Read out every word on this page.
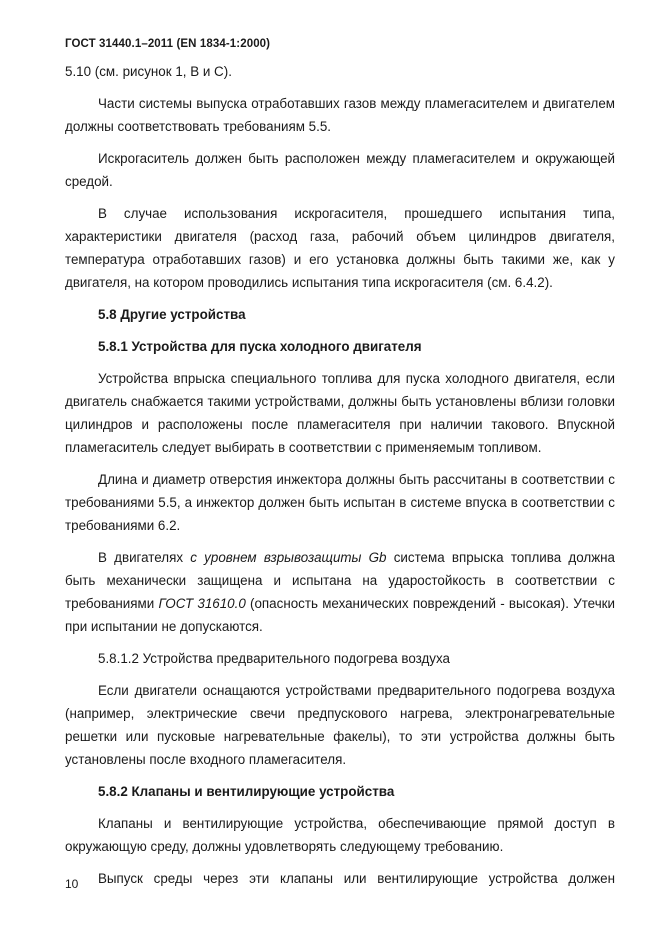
ГОСТ 31440.1–2011 (EN 1834-1:2000)

5.10 (см. рисунок 1, B и C).

Части системы выпуска отработавших газов между пламегасителем и двигателем должны соответствовать требованиям 5.5.

Искрогаситель должен быть расположен между пламегасителем и окружающей средой.

В случае использования искрогасителя, прошедшего испытания типа, характеристики двигателя (расход газа, рабочий объем цилиндров двигателя, температура отработавших газов) и его установка должны быть такими же, как у двигателя, на котором проводились испытания типа искрогасителя (см. 6.4.2).

5.8 Другие устройства

5.8.1 Устройства для пуска холодного двигателя

Устройства впрыска специального топлива для пуска холодного двигателя, если двигатель снабжается такими устройствами, должны быть установлены вблизи головки цилиндров и расположены после пламегасителя при наличии такового. Впускной пламегаситель следует выбирать в соответствии с применяемым топливом.

Длина и диаметр отверстия инжектора должны быть рассчитаны в соответствии с требованиями 5.5, а инжектор должен быть испытан в системе впуска в соответствии с требованиями 6.2.

В двигателях с уровнем взрывозащиты Gb система впрыска топлива должна быть механически защищена и испытана на ударостойкость в соответствии с требованиями ГОСТ 31610.0 (опасность механических повреждений - высокая). Утечки при испытании не допускаются.

5.8.1.2 Устройства предварительного подогрева воздуха

Если двигатели оснащаются устройствами предварительного подогрева воздуха (например, электрические свечи предпускового нагрева, электронагревательные решетки или пусковые нагревательные факелы), то эти устройства должны быть установлены после входного пламегасителя.

5.8.2 Клапаны и вентилирующие устройства

Клапаны и вентилирующие устройства, обеспечивающие прямой доступ в окружающую среду, должны удовлетворять следующему требованию.

Выпуск среды через эти клапаны или вентилирующие устройства должен

10
